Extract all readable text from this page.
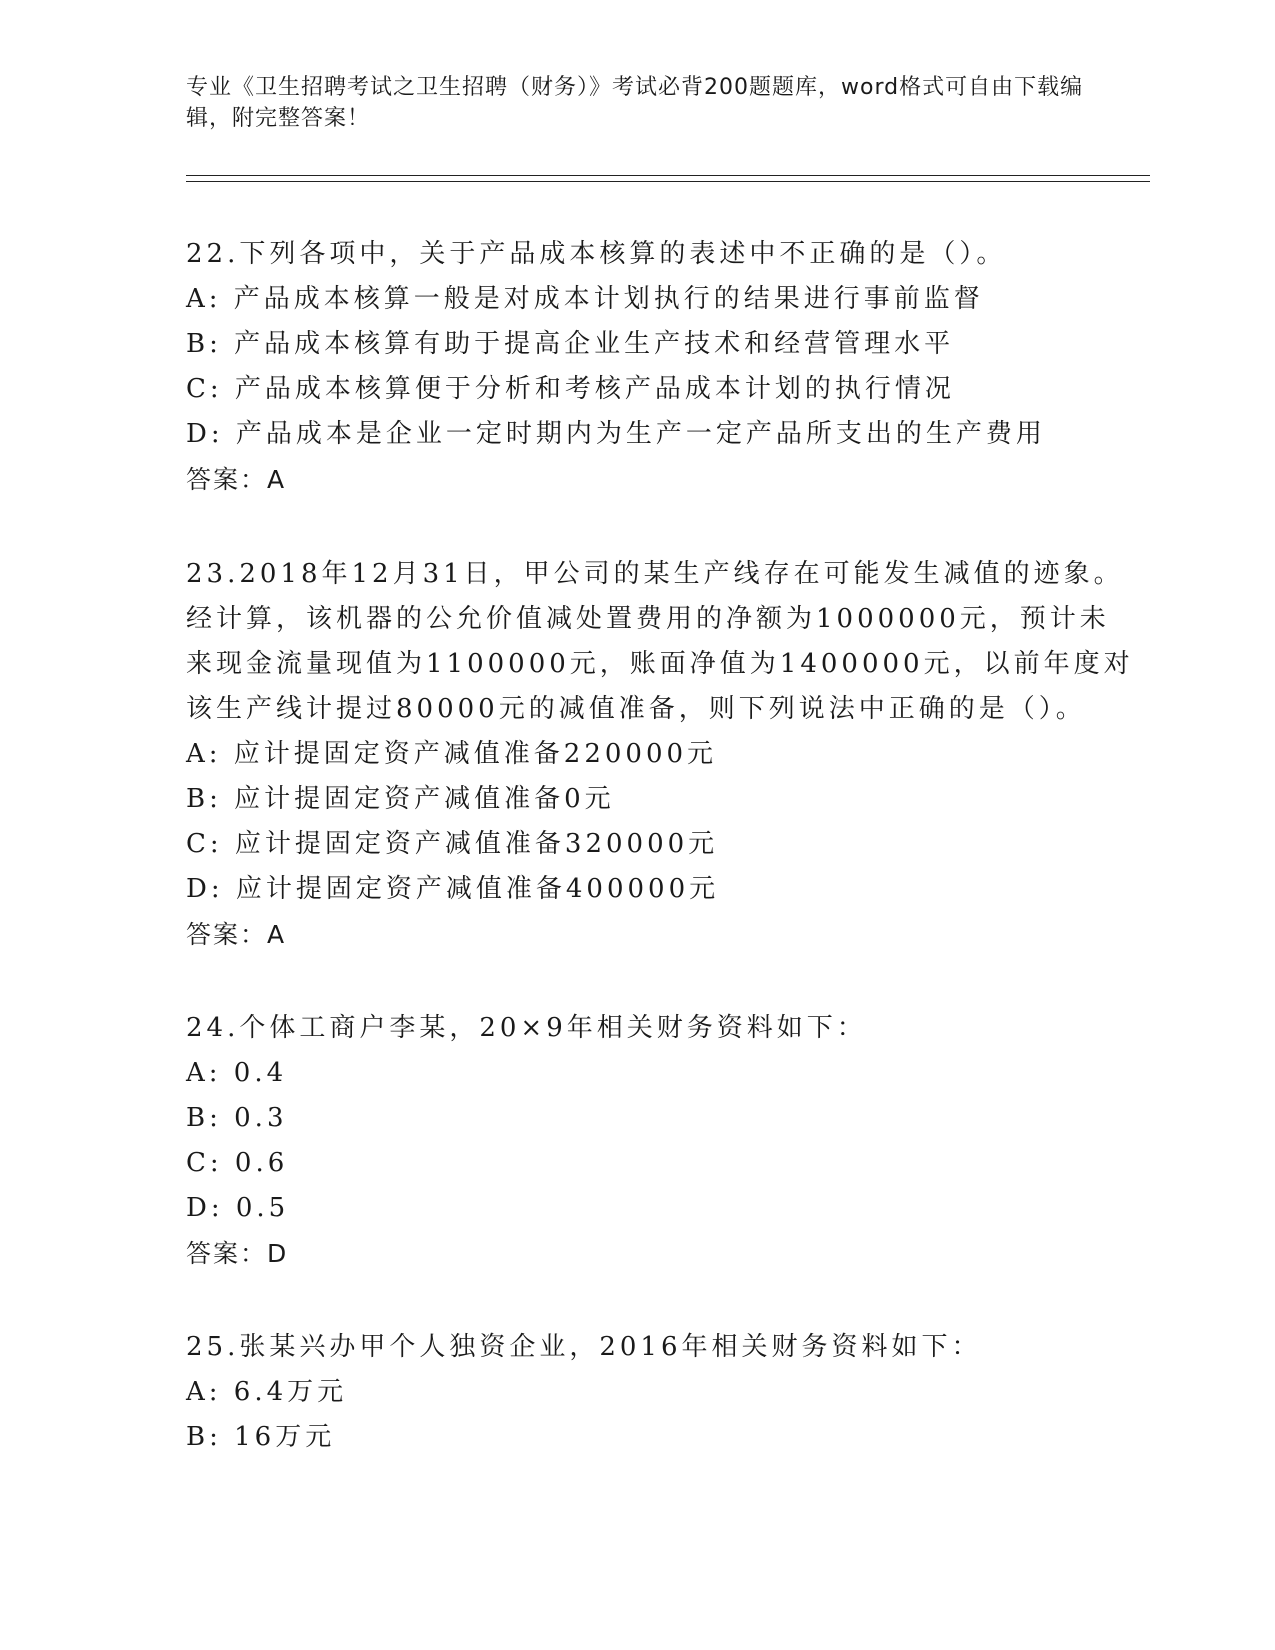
专业《卫生招聘考试之卫生招聘（财务）》考试必背200题题库，word格式可自由下载编辑，附完整答案！
22.下列各项中，关于产品成本核算的表述中不正确的是（）。
A: 产品成本核算一般是对成本计划执行的结果进行事前监督
B: 产品成本核算有助于提高企业生产技术和经营管理水平
C: 产品成本核算便于分析和考核产品成本计划的执行情况
D: 产品成本是企业一定时期内为生产一定产品所支出的生产费用
答案：A
23.2018年12月31日，甲公司的某生产线存在可能发生减值的迹象。
经计算，该机器的公允价值减处置费用的净额为1000000元，预计未
来现金流量现值为1100000元，账面净值为1400000元，以前年度对
该生产线计提过80000元的减值准备，则下列说法中正确的是（）。
A: 应计提固定资产减值准备220000元
B: 应计提固定资产减值准备0元
C: 应计提固定资产减值准备320000元
D: 应计提固定资产减值准备400000元
答案：A
24.个体工商户李某，20×9年相关财务资料如下：
A: 0.4
B: 0.3
C: 0.6
D: 0.5
答案：D
25.张某兴办甲个人独资企业，2016年相关财务资料如下：
A: 6.4万元
B: 16万元
